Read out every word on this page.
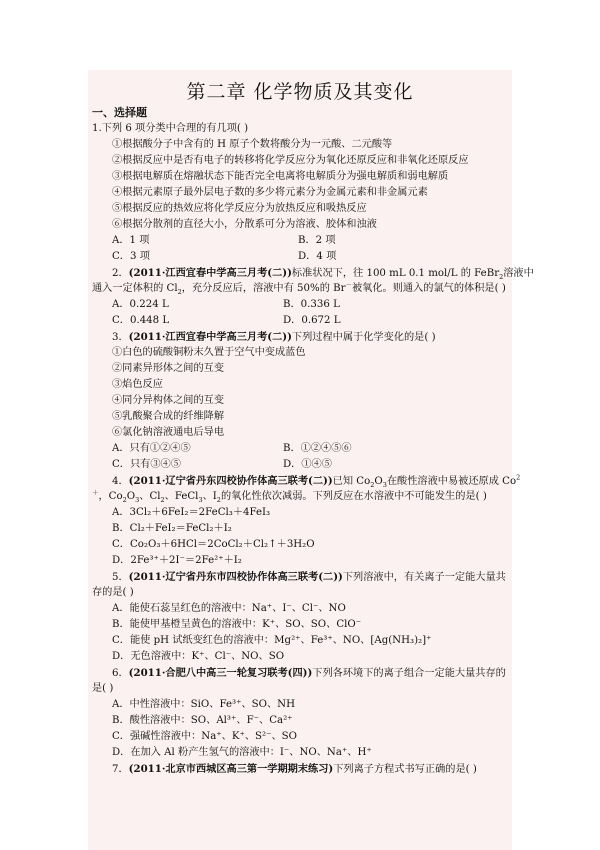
第二章 化学物质及其变化
一、选择题
1.下列 6 项分类中合理的有几项( )
①根据酸分子中含有的 H 原子个数将酸分为一元酸、二元酸等
②根据反应中是否有电子的转移将化学反应分为氧化还原反应和非氧化还原反应
③根据电解质在熔融状态下能否完全电离将电解质分为强电解质和弱电解质
④根据元素原子最外层电子数的多少将元素分为金属元素和非金属元素
⑤根据反应的热效应将化学反应分为放热反应和吸热反应
⑥根据分散剂的直径大小，分散系可分为溶液、胶体和浊液
A．1 项	B．2 项
C．3 项	D．4 项
2．(2011·江西宜春中学高三月考(二))标准状况下，往 100 mL 0.1 mol/L 的 FeBr$_2$溶液中
通入一定体积的 $Cl_2$，充分反应后，溶液中有 50%的 Br－被氧化。则通入的氯气的体积是( )
A．0.224 L	B．0.336 L
C．0.448 L	D．0.672 L
3．(2011·江西宜春中学高三月考(二))下列过程中属于化学变化的是( )
①白色的硫酸铜粉末久置于空气中变成蓝色
②同素异形体之间的互变
③焰色反应
④同分异构体之间的互变
⑤乳酸聚合成的纤维降解
⑥氯化钠溶液通电后导电
A．只有①②④⑤	B．①②④⑤⑥
C．只有③④⑤	D．①④⑤
4．(2011·辽宁省丹东四校协作体高三联考(二))已知 $Co_2O_3$在酸性溶液中易被还原成 Co$^2$
＋，$Co_2O_3$、$Cl_2$、FeCl$_3$、$I_2$的氧化性依次减弱。下列反应在水溶液中不可能发生的是( )
A．3Cl₂＋6FeI₂＝2FeCl₃＋4FeI₃
B．Cl₂＋FeI₂＝FeCl₂＋I₂
C．Co₂O₃＋6HCl＝2CoCl₂＋Cl₂↑＋3H₂O
D．2Fe³⁺＋2I⁻＝2Fe²⁺＋I₂
5．(2011·辽宁省丹东市四校协作体高三联考(二))下列溶液中，有关离子一定能大量共
存的是( )
A．能使石蕊呈红色的溶液中：Na⁺、I⁻、Cl⁻、NO
B．能使甲基橙呈黄色的溶液中：K⁺、SO、SO、ClO⁻
C．能使 pH 试纸变红色的溶液中：Mg²⁺、Fe³⁺、NO、[Ag(NH₃)₂]⁺
D．无色溶液中：K⁺、Cl⁻、NO、SO
6．(2011·合肥八中高三一轮复习联考(四))下列各环境下的离子组合一定能大量共存的
是( )
A．中性溶液中：SiO、Fe³⁺、SO、NH
B．酸性溶液中：SO、Al³⁺、F⁻、Ca²⁺
C．强碱性溶液中：Na⁺、K⁺、S²⁻、SO
D．在加入 Al 粉产生氢气的溶液中：I⁻、NO、Na⁺、H⁺
7．(2011·北京市西城区高三第一学期期末练习)下列离子方程式书写正确的是( )
